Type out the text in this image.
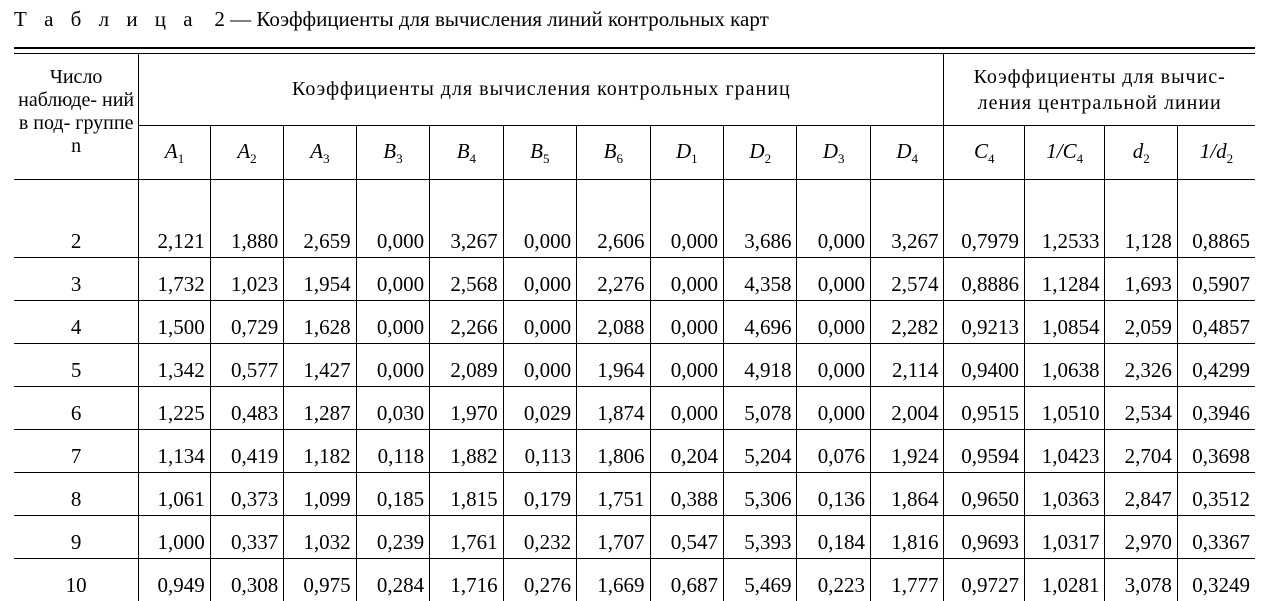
Т а б л и ц а 2 — Коэффициенты для вычисления линий контрольных карт
Число наблюде- ний в под- группе n	Коэффициенты для вычисления контрольных границ											Коэффициенты для вычис- ления центральной линии			
	$A_1$	$A_2$	$A_3$	$B_3$	$B_4$	$B_5$	$B_6$	$D_1$	$D_2$	$D_3$	$D_4$	$C_4$	$1/C_4$	$d_2$	$1/d_2$
2	2,121	1,880	2,659	0,000	3,267	0,000	2,606	0,000	3,686	0,000	3,267	0,7979	1,2533	1,128	0,8865
3	1,732	1,023	1,954	0,000	2,568	0,000	2,276	0,000	4,358	0,000	2,574	0,8886	1,1284	1,693	0,5907
4	1,500	0,729	1,628	0,000	2,266	0,000	2,088	0,000	4,696	0,000	2,282	0,9213	1,0854	2,059	0,4857
5	1,342	0,577	1,427	0,000	2,089	0,000	1,964	0,000	4,918	0,000	2,114	0,9400	1,0638	2,326	0,4299
6	1,225	0,483	1,287	0,030	1,970	0,029	1,874	0,000	5,078	0,000	2,004	0,9515	1,0510	2,534	0,3946
7	1,134	0,419	1,182	0,118	1,882	0,113	1,806	0,204	5,204	0,076	1,924	0,9594	1,0423	2,704	0,3698
8	1,061	0,373	1,099	0,185	1,815	0,179	1,751	0,388	5,306	0,136	1,864	0,9650	1,0363	2,847	0,3512
9	1,000	0,337	1,032	0,239	1,761	0,232	1,707	0,547	5,393	0,184	1,816	0,9693	1,0317	2,970	0,3367
10	0,949	0,308	0,975	0,284	1,716	0,276	1,669	0,687	5,469	0,223	1,777	0,9727	1,0281	3,078	0,3249
